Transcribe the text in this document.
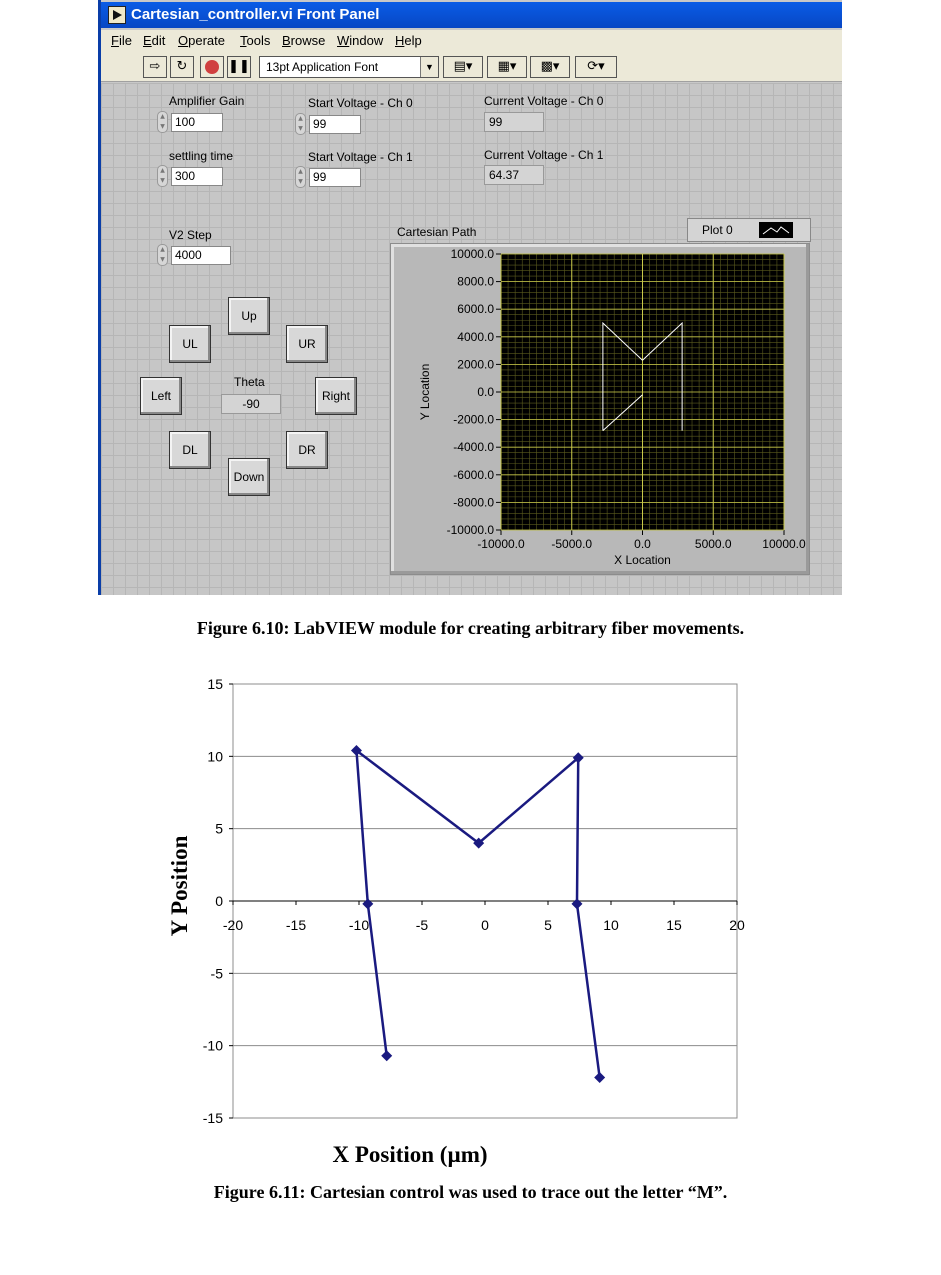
Cartesian_controller.vi Front Panel
File Edit Operate Tools Browse Window Help
⇨	↻	❚❚	13pt Application Font	▼	▤▾	▦▾	▩▾	⟳▾
Amplifier Gain
▲
▼ 100
settling time
▲
▼ 300
Start Voltage - Ch 0
▲
▼ 99
Start Voltage - Ch 1
▲
▼ 99
Current Voltage - Ch 0
99
Current Voltage - Ch 1
64.37
V2 Step
▲
▼ 4000
Up
UL	UR
Left	Right
DL	DR
Down
Theta
-90
Cartesian Path	Plot 0
-10000.0 -5000.0	0.0	5000.0	10000.0
10000.0
8000.0
6000.0
4000.0
2000.0
0.0
-2000.0
-4000.0
-6000.0
-8000.0
-10000.0
X Location
Y Location
Figure 6.10: LabVIEW module for creating arbitrary fiber movements.
15
10
5
0
-5
-10
-15
-20	-15	-10	-5	0	5	10	15	20
X Position (µm)
Y Position
Figure 6.11: Cartesian control was used to trace out the letter “M”.
